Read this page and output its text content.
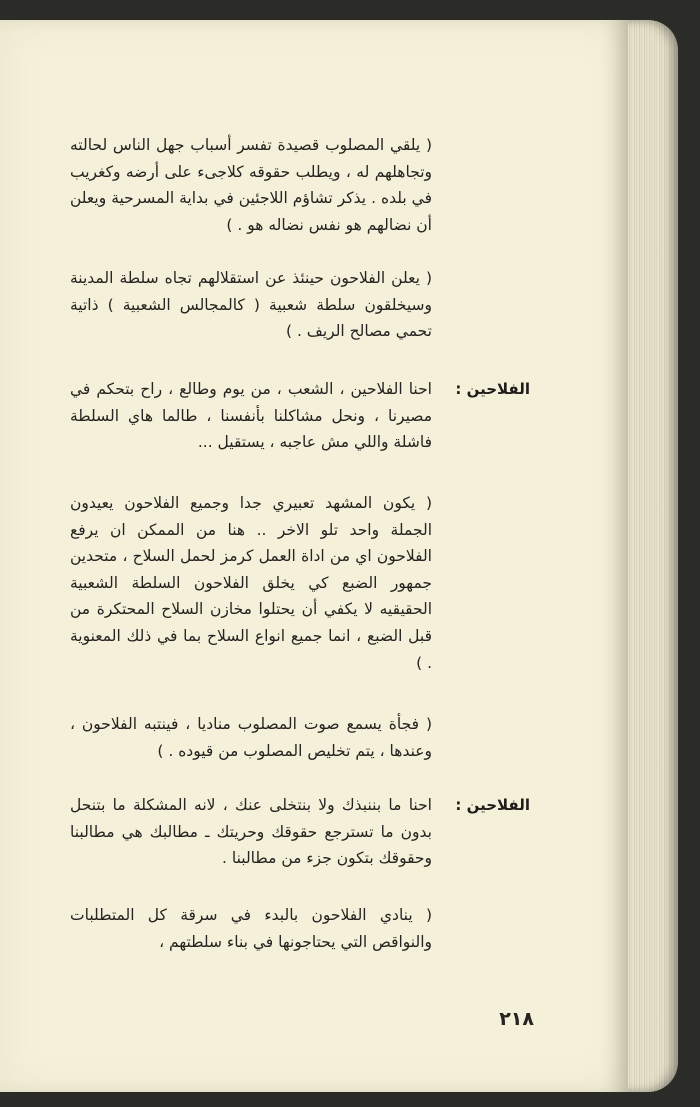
( يلقي المصلوب قصيدة تفسر أسباب جهل الناس لحالته وتجاهلهم له ، ويطلب حقوقه كلاجىء على أرضه وكغريب في بلده . يذكر تشاؤم اللاجئين في بداية المسرحية ويعلن أن نضالهم هو نفس نضاله هو . )
( يعلن الفلاحون حينئذ عن استقلالهم تجاه سلطة المدينة وسيخلقون سلطة شعبية ( كالمجالس الشعبية ) ذاتية تحمي مصالح الريف . )
الفلاحين :
احنا الفلاحين ، الشعب ، من يوم وطالع ، راح بتحكم في مصيرنا ، ونحل مشاكلنا بأنفسنا ، طالما هاي السلطة فاشلة واللي مش عاجبه ، يستقيل ...
( يكون المشهد تعبيري جدا وجميع الفلاحون يعيدون الجملة واحد تلو الاخر .. هنا من الممكن ان يرفع الفلاحون اي من اداة العمل كرمز لحمل السلاح ، متحدين جمهور الضبع كي يخلق الفلاحون السلطة الشعبية الحقيقيه لا يكفي أن يحتلوا مخازن السلاح المحتكرة من قبل الضبع ، انما جميع انواع السلاح بما في ذلك المعنوية . )
( فجأة يسمع صوت المصلوب مناديا ، فينتبه الفلاحون ، وعندها ، يتم تخليص المصلوب من قيوده . )
الفلاحين :
احنا ما بننبذك ولا بنتخلى عنك ، لانه المشكلة ما بتنحل بدون ما تسترجع حقوقك وحريتك ـ مطالبك هي مطالبنا وحقوقك بتكون جزء من مطالبنا .
( ينادي الفلاحون بالبدء في سرقة كل المتطلبات والنواقص التي يحتاجونها في بناء سلطتهم ،
٢١٨
